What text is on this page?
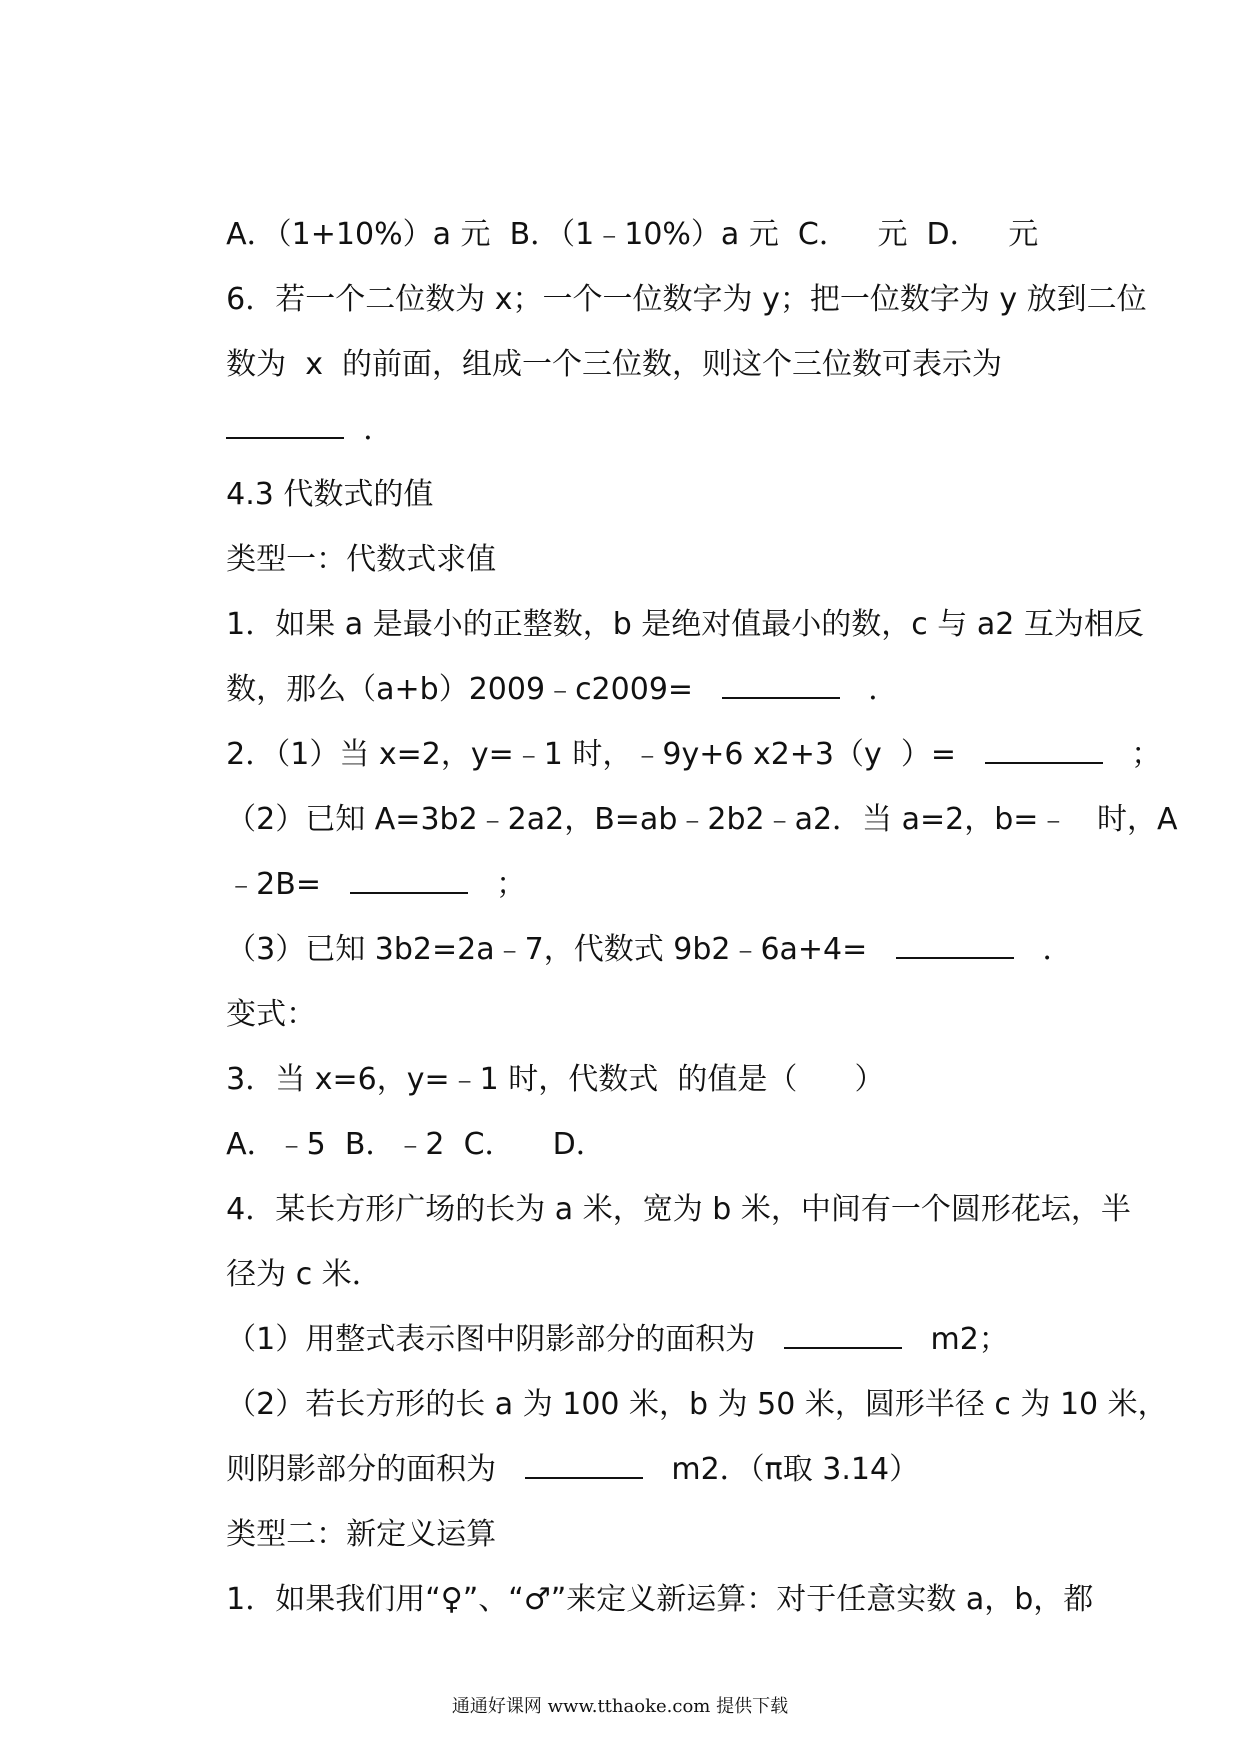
A．（1+10%）a 元  B．（1﹣10%）a 元  C．   元  D．   元

6．若一个二位数为 x；一个一位数字为 y；把一位数字为 y 放到二位

数为  x  的前面，组成一个三位数，则这个三位数可表示为

．

4.3 代数式的值

类型一：代数式求值

1．如果 a 是最小的正整数，b 是绝对值最小的数，c 与 a2 互为相反

数，那么（a+b）2009﹣c2009=	．

2．（1）当 x=2，y=﹣1 时，﹣9y+6 x2+3（y  ）=	；

（2）已知 A=3b2﹣2a2，B=ab﹣2b2﹣a2．当 a=2，b=﹣   时，A

﹣2B=	；

（3）已知 3b2=2a﹣7，代数式 9b2﹣6a+4=	．

变式：

3．当 x=6，y=﹣1 时，代数式  的值是（      ）

A．﹣5  B．﹣2  C．    D．

4．某长方形广场的长为 a 米，宽为 b 米，中间有一个圆形花坛，半

径为 c 米．

（1）用整式表示图中阴影部分的面积为	m2；

（2）若长方形的长 a 为 100 米，b 为 50 米，圆形半径 c 为 10 米，

则阴影部分的面积为	m2．（π取 3.14）

类型二：新定义运算

1．如果我们用“♀”、“♂”来定义新运算：对于任意实数 a，b，都

通通好课网 www.tthaoke.com 提供下载
